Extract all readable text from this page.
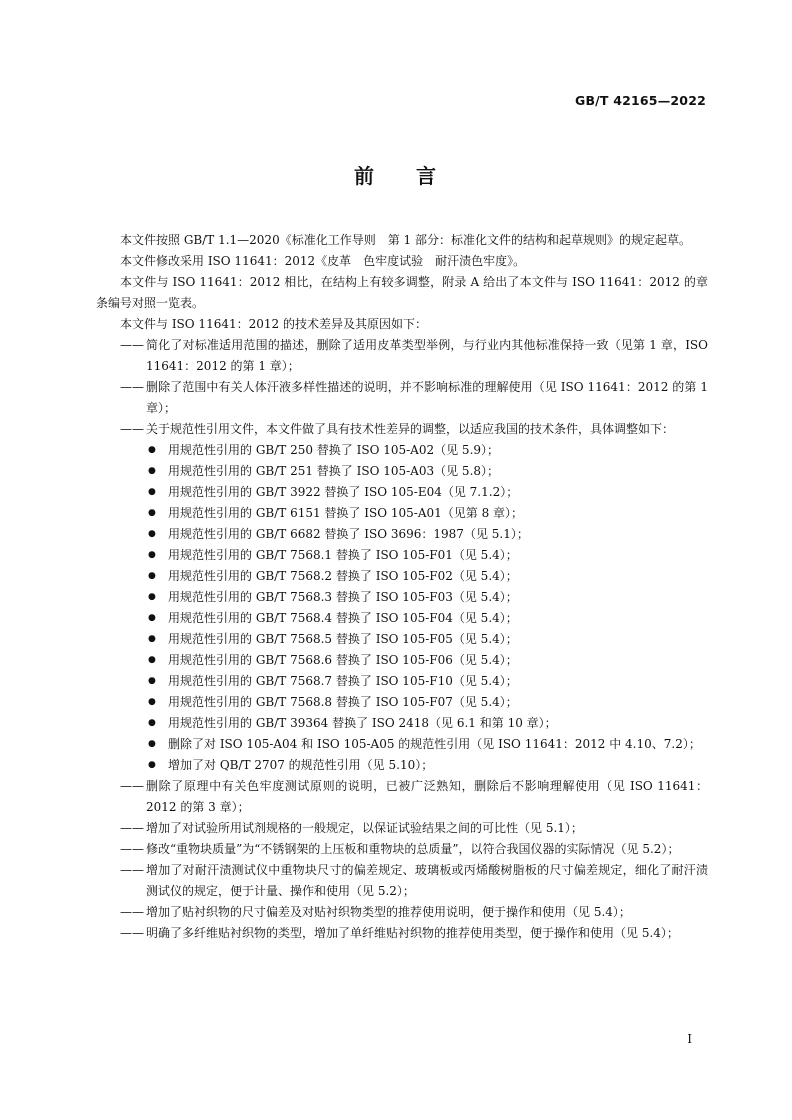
GB/T 42165—2022
前 言

本文件按照 GB/T 1.1—2020《标准化工作导则　第 1 部分：标准化文件的结构和起草规则》的规定起草。

本文件修改采用 ISO 11641：2012《皮革　色牢度试验　耐汗渍色牢度》。

本文件与 ISO 11641：2012 相比，在结构上有较多调整，附录 A 给出了本文件与 ISO 11641：2012 的章条编号对照一览表。

本文件与 ISO 11641：2012 的技术差异及其原因如下：

—— 简化了对标准适用范围的描述，删除了适用皮革类型举例，与行业内其他标准保持一致（见第 1 章，ISO 11641：2012 的第 1 章）；
—— 删除了范围中有关人体汗液多样性描述的说明，并不影响标准的理解使用（见 ISO 11641：2012 的第 1 章）；
—— 关于规范性引用文件，本文件做了具有技术性差异的调整，以适应我国的技术条件，具体调整如下：
●	用规范性引用的 GB/T 250 替换了 ISO 105-A02（见 5.9）；
●	用规范性引用的 GB/T 251 替换了 ISO 105-A03（见 5.8）；
●	用规范性引用的 GB/T 3922 替换了 ISO 105-E04（见 7.1.2）；
●	用规范性引用的 GB/T 6151 替换了 ISO 105-A01（见第 8 章）；
●	用规范性引用的 GB/T 6682 替换了 ISO 3696：1987（见 5.1）；
●	用规范性引用的 GB/T 7568.1 替换了 ISO 105-F01（见 5.4）；
●	用规范性引用的 GB/T 7568.2 替换了 ISO 105-F02（见 5.4）；
●	用规范性引用的 GB/T 7568.3 替换了 ISO 105-F03（见 5.4）；
●	用规范性引用的 GB/T 7568.4 替换了 ISO 105-F04（见 5.4）；
●	用规范性引用的 GB/T 7568.5 替换了 ISO 105-F05（见 5.4）；
●	用规范性引用的 GB/T 7568.6 替换了 ISO 105-F06（见 5.4）；
●	用规范性引用的 GB/T 7568.7 替换了 ISO 105-F10（见 5.4）；
●	用规范性引用的 GB/T 7568.8 替换了 ISO 105-F07（见 5.4）；
●	用规范性引用的 GB/T 39364 替换了 ISO 2418（见 6.1 和第 10 章）；
●	删除了对 ISO 105-A04 和 ISO 105-A05 的规范性引用（见 ISO 11641：2012 中 4.10、7.2）；
●	增加了对 QB/T 2707 的规范性引用（见 5.10）；
—— 删除了原理中有关色牢度测试原则的说明，已被广泛熟知，删除后不影响理解使用（见 ISO 11641：2012 的第 3 章）；
—— 增加了对试验所用试剂规格的一般规定，以保证试验结果之间的可比性（见 5.1）；
—— 修改“重物块质量”为“不锈钢架的上压板和重物块的总质量”，以符合我国仪器的实际情况（见 5.2）；
—— 增加了对耐汗渍测试仪中重物块尺寸的偏差规定、玻璃板或丙烯酸树脂板的尺寸偏差规定，细化了耐汗渍测试仪的规定，便于计量、操作和使用（见 5.2）；
—— 增加了贴衬织物的尺寸偏差及对贴衬织物类型的推荐使用说明，便于操作和使用（见 5.4）；
—— 明确了多纤维贴衬织物的类型，增加了单纤维贴衬织物的推荐使用类型，便于操作和使用（见 5.4）；
I
